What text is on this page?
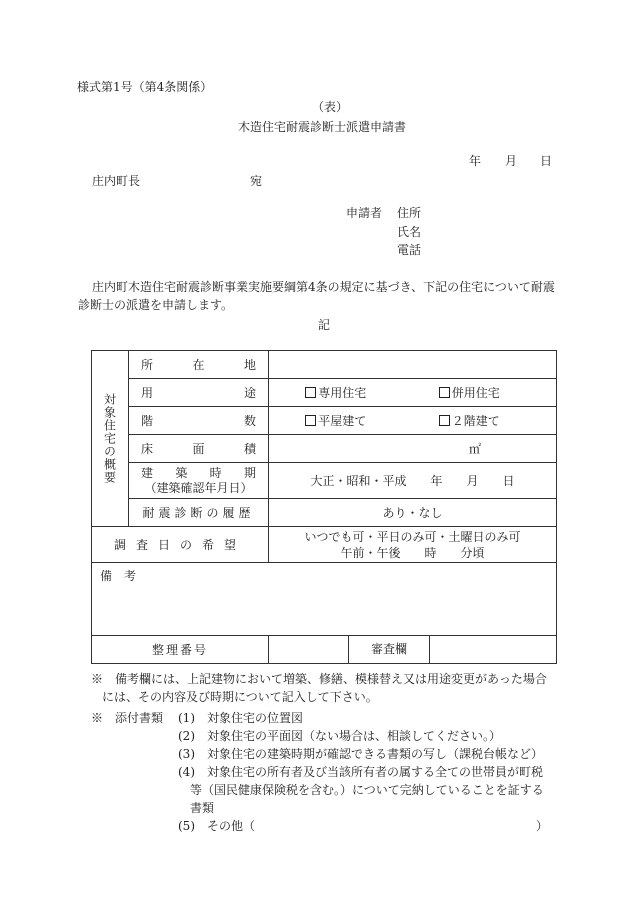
様式第1号（第4条関係）
（表）
木造住宅耐震診断士派遣申請書
年 月 日
庄内町長	宛
申請者 住所
氏名
電話
庄内町木造住宅耐震診断事業実施要綱第4条の規定に基づき、下記の住宅について耐震
診断士の派遣を申請します。
記
対象住宅の概要	所 在 地		

	用 途	専用住宅 併用住宅	

	階 数	平屋建て ２階建て	

	床 面 積	㎡	

	建 築 時 期
（建築確認年月日）	大正・昭和・平成　　年　　月　　日	
	耐震診断の履歴	あり・なし	
調査日の希望		いつでも可・平日のみ可・土曜日のみ可
午前・午後　　時　　分頃	

備　考			
整理番号			審査欄
※　備考欄には、上記建物において増築、修繕、模様替え又は用途変更があった場合
には、その内容及び時期について記入して下さい。
※　添付書類 (1)　対象住宅の位置図
(2)　対象住宅の平面図（ない場合は、相談してください。）
(3)　対象住宅の建築時期が確認できる書類の写し（課税台帳など）
(4)　対象住宅の所有者及び当該所有者の属する全ての世帯員が町税
等（国民健康保険税を含む。）について完納していることを証する
書類
(5)　その他（	）
